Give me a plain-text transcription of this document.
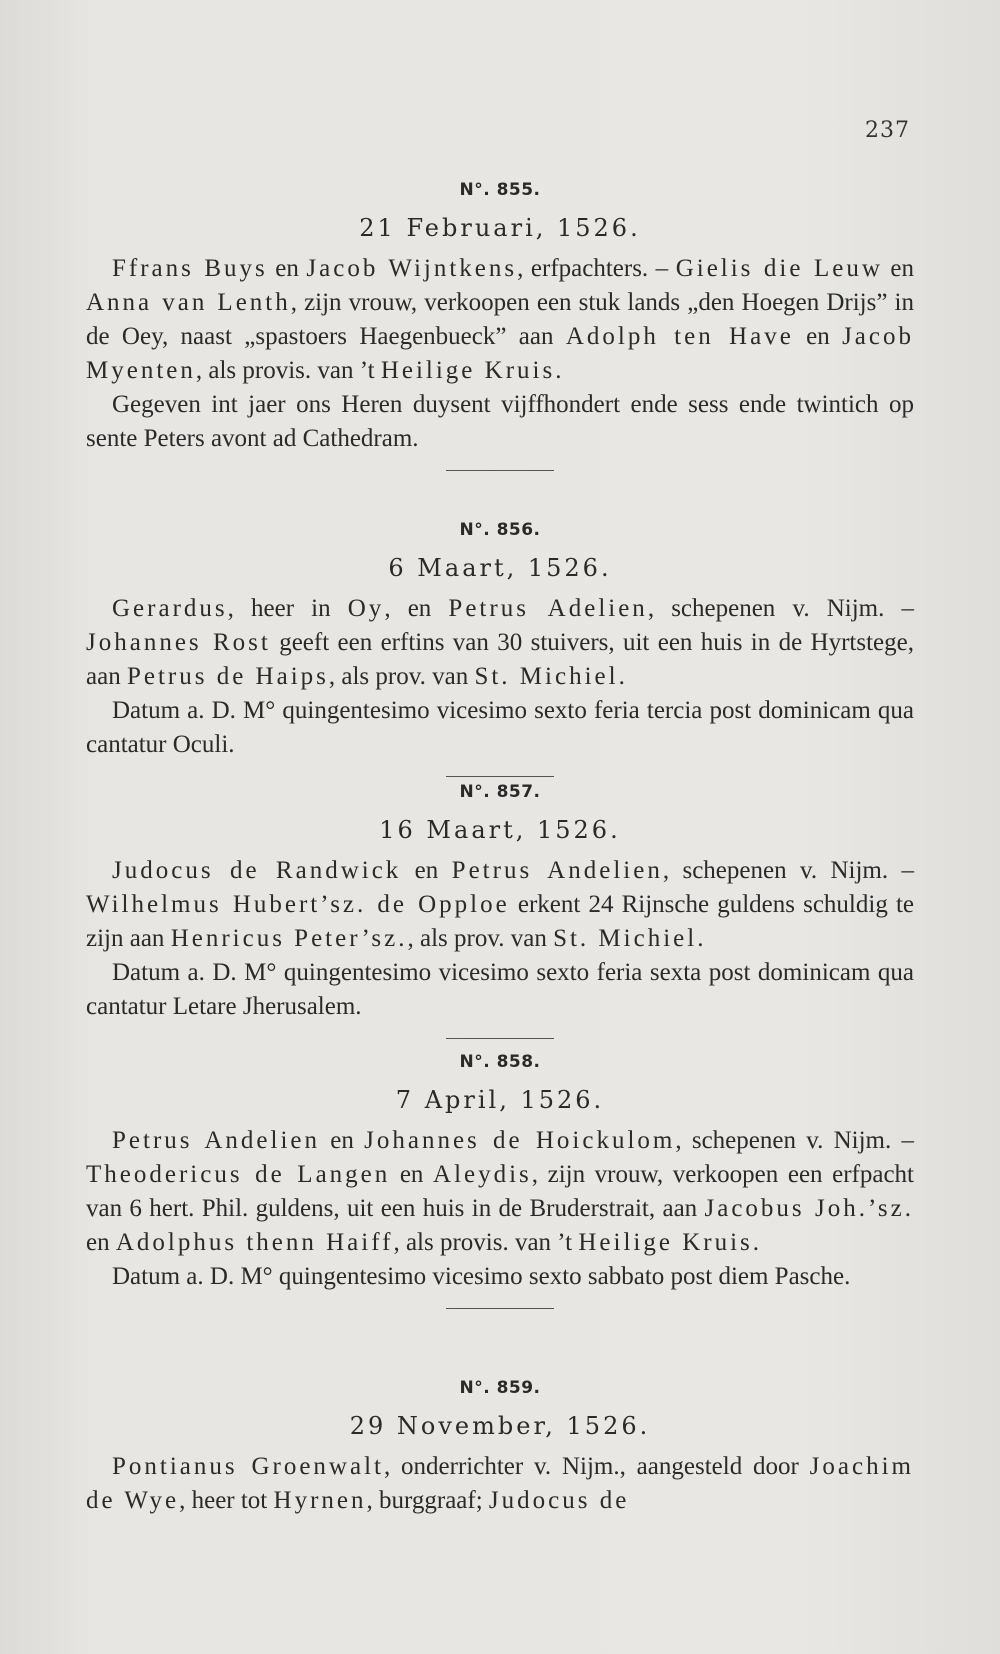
237
N°. 855.
21 Februari, 1526.

Ffrans Buys en Jacob Wijntkens, erfpachters. – Gielis die Leuw en Anna van Lenth, zijn vrouw, verkoopen een stuk lands „den Hoegen Drijs” in de Oey, naast „spastoers Haegenbueck” aan Adolph ten Have en Jacob Myenten, als provis. van ’t Heilige Kruis.

Gegeven int jaer ons Heren duysent vijffhondert ende sess ende twintich op sente Peters avont ad Cathedram.

N°. 856.
6 Maart, 1526.

Gerardus, heer in Oy, en Petrus Adelien, schepenen v. Nijm. – Johannes Rost geeft een erftins van 30 stuivers, uit een huis in de Hyrtstege, aan Petrus de Haips, als prov. van St. Michiel.

Datum a. D. M° quingentesimo vicesimo sexto feria tercia post dominicam qua cantatur Oculi.

N°. 857.
16 Maart, 1526.

Judocus de Randwick en Petrus Andelien, schepenen v. Nijm. – Wilhelmus Hubert’sz. de Opploe erkent 24 Rijnsche guldens schuldig te zijn aan Henricus Peter’sz., als prov. van St. Michiel.

Datum a. D. M° quingentesimo vicesimo sexto feria sexta post dominicam qua cantatur Letare Jherusalem.

N°. 858.
7 April, 1526.

Petrus Andelien en Johannes de Hoickulom, schepenen v. Nijm. – Theodericus de Langen en Aleydis, zijn vrouw, verkoopen een erfpacht van 6 hert. Phil. guldens, uit een huis in de Bruderstrait, aan Jacobus Joh.’sz. en Adolphus thenn Haiff, als provis. van ’t Heilige Kruis.

Datum a. D. M° quingentesimo vicesimo sexto sabbato post diem Pasche.

N°. 859.
29 November, 1526.

Pontianus Groenwalt, onderrichter v. Nijm., aangesteld door Joachim de Wye, heer tot Hyrnen, burggraaf; Judocus de
